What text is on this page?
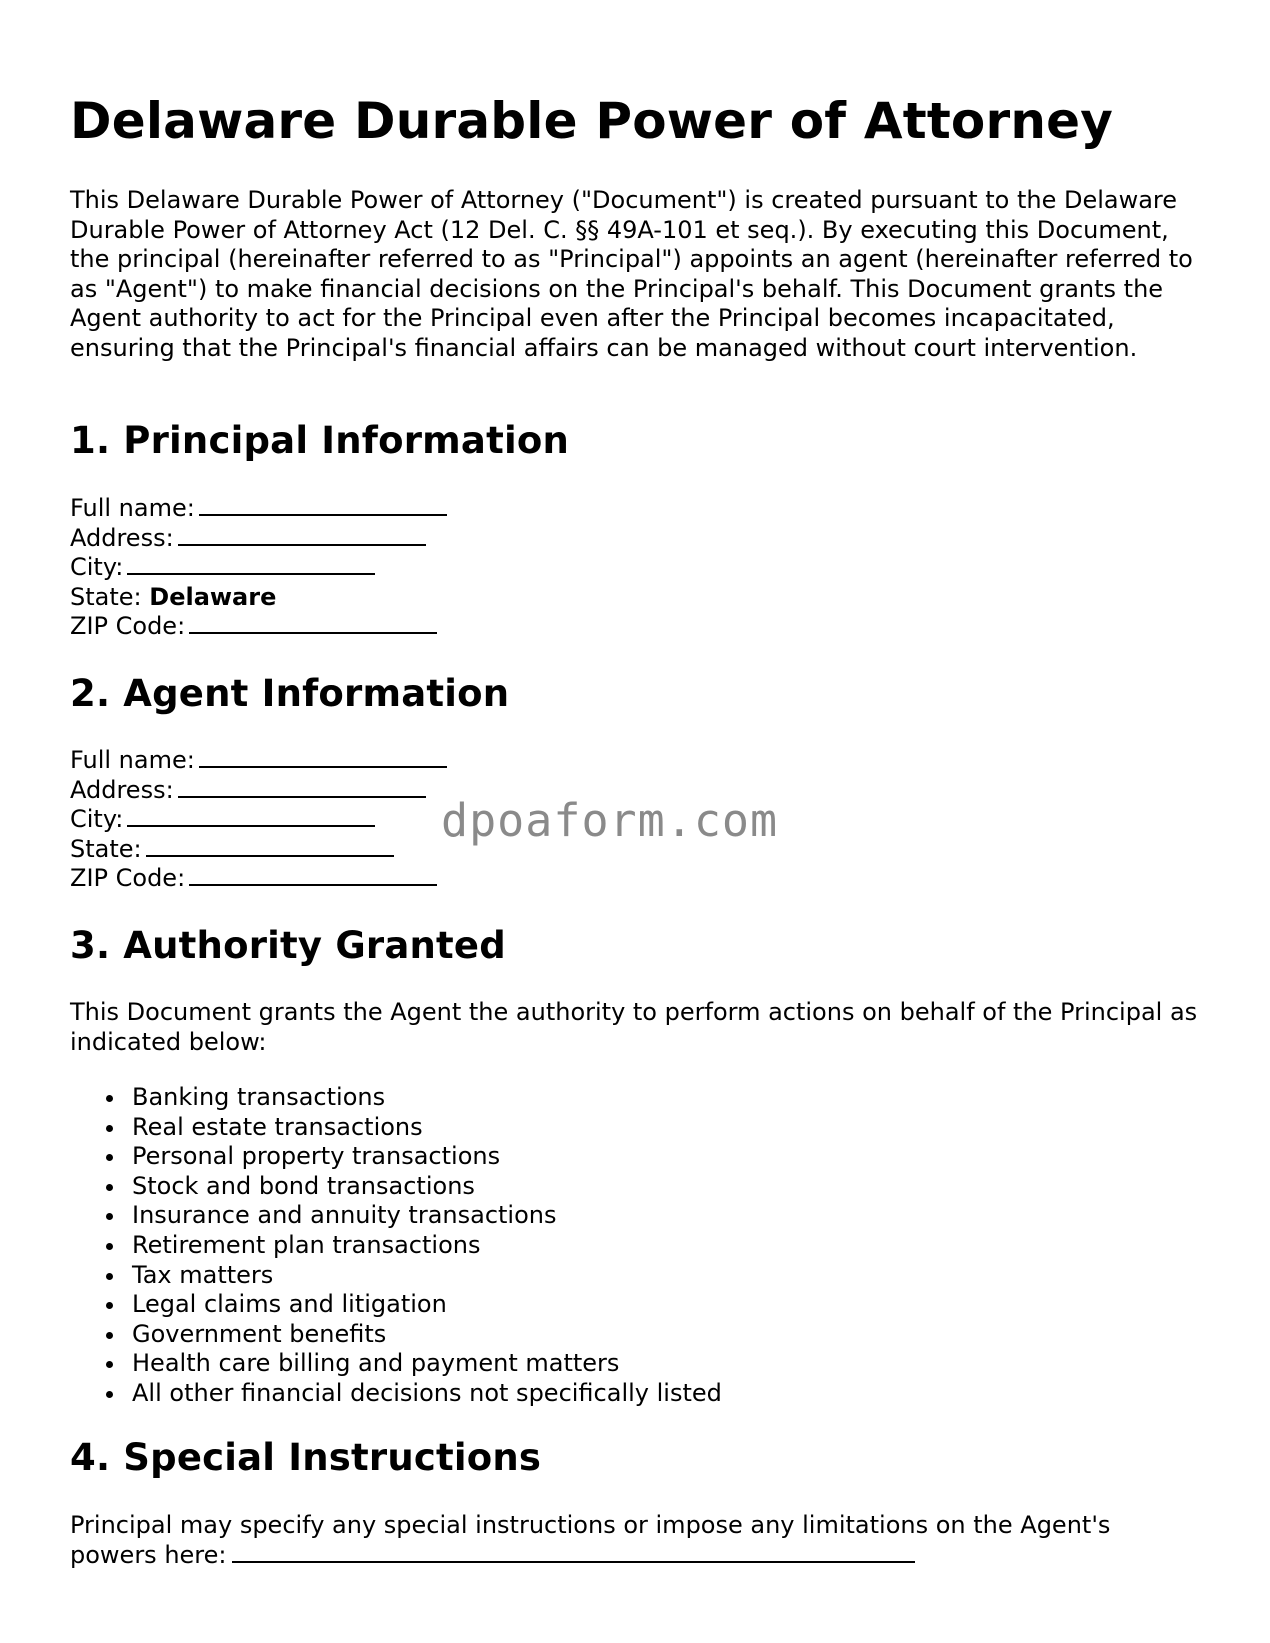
Delaware Durable Power of Attorney

This Delaware Durable Power of Attorney ("Document") is created pursuant to the Delaware Durable Power of Attorney Act (12 Del. C. §§ 49A-101 et seq.). By executing this Document, the principal (hereinafter referred to as "Principal") appoints an agent (hereinafter referred to as "Agent") to make financial decisions on the Principal's behalf. This Document grants the Agent authority to act for the Principal even after the Principal becomes incapacitated, ensuring that the Principal's financial affairs can be managed without court intervention.

1. Principal Information
Full name:
Address:
City:
State: Delaware
ZIP Code:
2. Agent Information
Full name:
Address:
City:
State:
ZIP Code:
3. Authority Granted

This Document grants the Agent the authority to perform actions on behalf of the Principal as indicated below:

Banking transactions
Real estate transactions
Personal property transactions
Stock and bond transactions
Insurance and annuity transactions
Retirement plan transactions
Tax matters
Legal claims and litigation
Government benefits
Health care billing and payment matters
All other financial decisions not specifically listed
4. Special Instructions

Principal may specify any special instructions or impose any limitations on the Agent's powers here:

dpoaform.com
